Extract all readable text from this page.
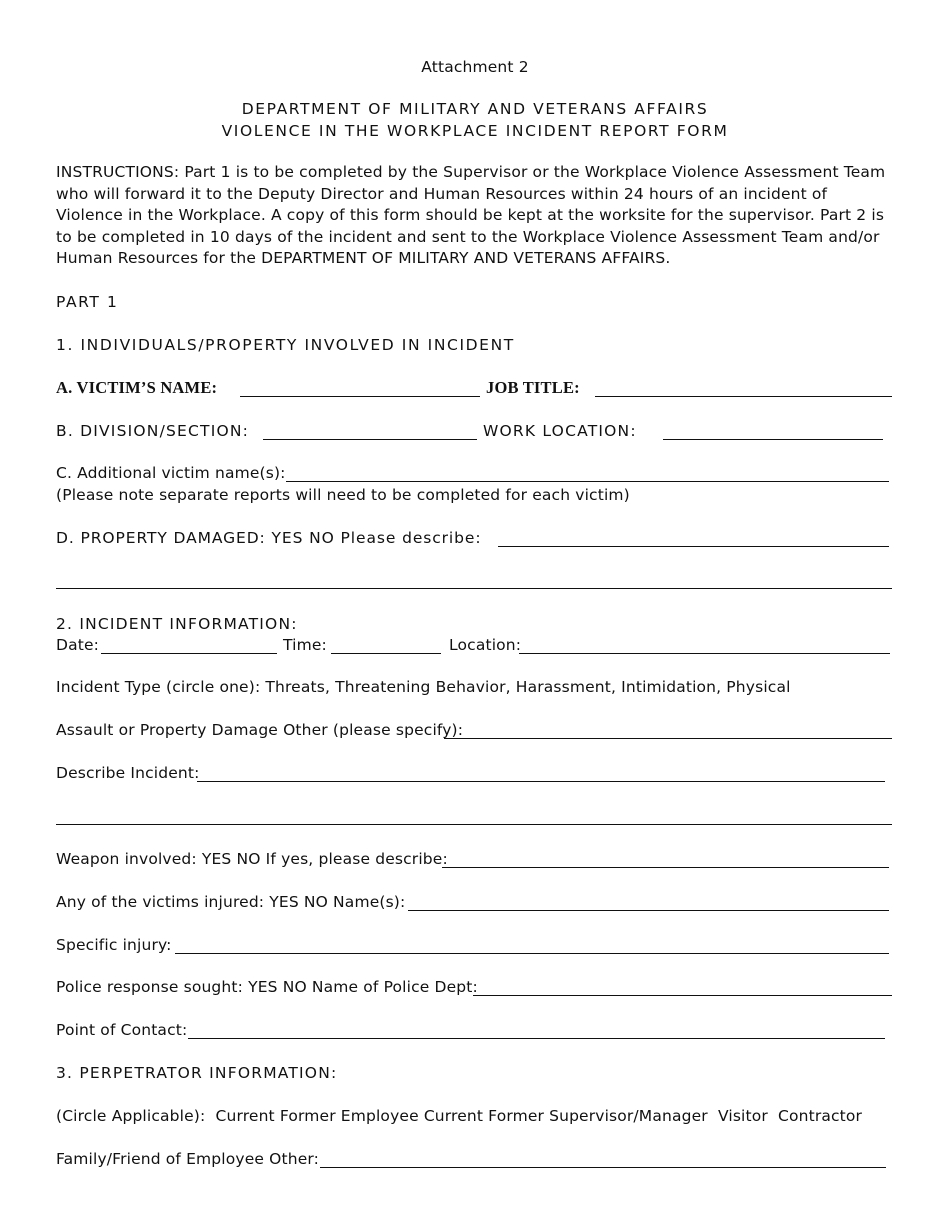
Attachment 2
DEPARTMENT OF MILITARY AND VETERANS AFFAIRS
VIOLENCE IN THE WORKPLACE INCIDENT REPORT FORM
INSTRUCTIONS: Part 1 is to be completed by the Supervisor or the Workplace Violence Assessment Team who will forward it to the Deputy Director and Human Resources within 24 hours of an incident of Violence in the Workplace. A copy of this form should be kept at the worksite for the supervisor. Part 2 is to be completed in 10 days of the incident and sent to the Workplace Violence Assessment Team and/or Human Resources for the DEPARTMENT OF MILITARY AND VETERANS AFFAIRS.
PART 1
1. INDIVIDUALS/PROPERTY INVOLVED IN INCIDENT
A. VICTIM’S NAME:	JOB TITLE:
B. DIVISION/SECTION:	WORK LOCATION:
C. Additional victim name(s):
(Please note separate reports will need to be completed for each victim)
D. PROPERTY DAMAGED: YES NO Please describe:
2. INCIDENT INFORMATION:
Date:	Time:	Location:
Incident Type (circle one): Threats, Threatening Behavior, Harassment, Intimidation, Physical
Assault or Property Damage Other (please specify):
Describe Incident:
Weapon involved: YES NO If yes, please describe:
Any of the victims injured: YES NO Name(s):
Specific injury:
Police response sought: YES NO Name of Police Dept:
Point of Contact:
3. PERPETRATOR INFORMATION:
(Circle Applicable):  Current Former Employee Current Former Supervisor/Manager  Visitor  Contractor
Family/Friend of Employee Other:
